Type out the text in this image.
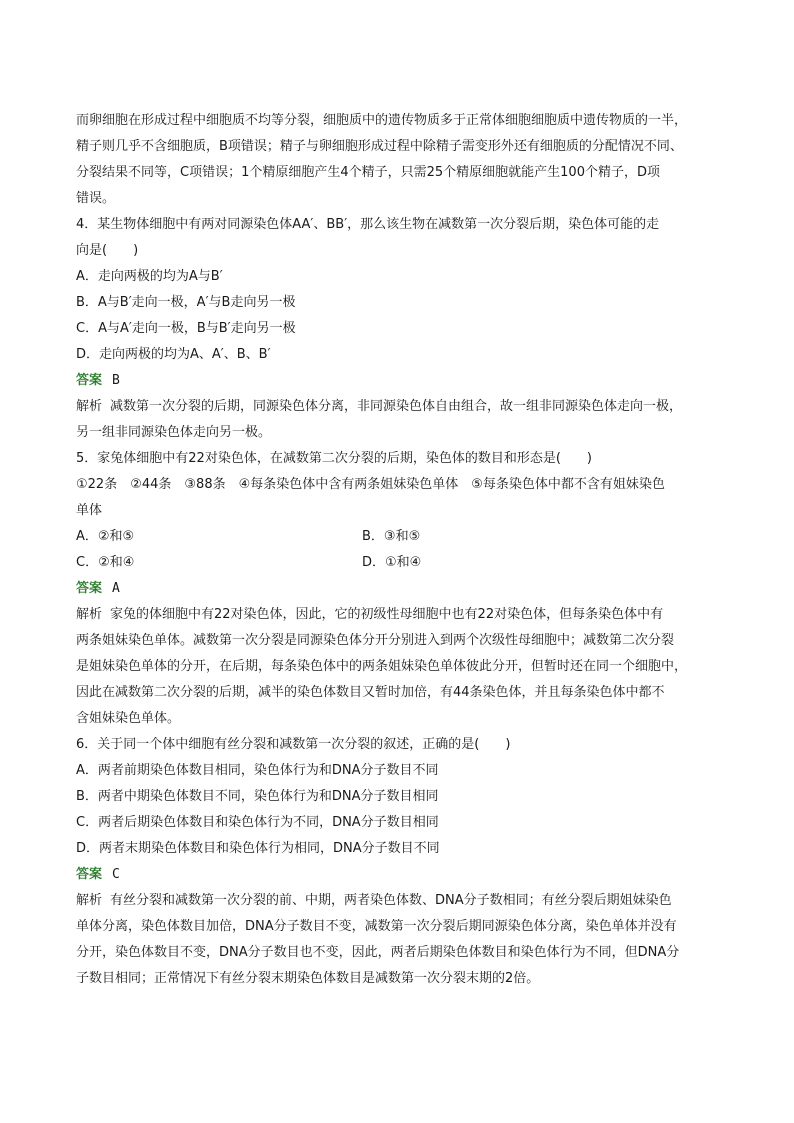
而卵细胞在形成过程中细胞质不均等分裂，细胞质中的遗传物质多于正常体细胞细胞质中遗传物质的一半，
精子则几乎不含细胞质，B项错误；精子与卵细胞形成过程中除精子需变形外还有细胞质的分配情况不同、
分裂结果不同等，C项错误；1个精原细胞产生4个精子，只需25个精原细胞就能产生100个精子，D项
错误。
4．某生物体细胞中有两对同源染色体AA′、BB′，那么该生物在减数第一次分裂后期，染色体可能的走
向是(　　)
A．走向两极的均为A与B′
B．A与B′走向一极，A′与B走向另一极
C．A与A′走向一极，B与B′走向另一极
D．走向两极的均为A、A′、B、B′
答案 B
解析 减数第一次分裂的后期，同源染色体分离，非同源染色体自由组合，故一组非同源染色体走向一极，
另一组非同源染色体走向另一极。
5．家兔体细胞中有22对染色体，在减数第二次分裂的后期，染色体的数目和形态是(　　)
①22条　②44条　③88条　④每条染色体中含有两条姐妹染色单体　⑤每条染色体中都不含有姐妹染色
单体
A．②和⑤	B．③和⑤
C．②和④	D．①和④
答案 A
解析 家兔的体细胞中有22对染色体，因此，它的初级性母细胞中也有22对染色体，但每条染色体中有
两条姐妹染色单体。减数第一次分裂是同源染色体分开分别进入到两个次级性母细胞中；减数第二次分裂
是姐妹染色单体的分开，在后期，每条染色体中的两条姐妹染色单体彼此分开，但暂时还在同一个细胞中，
因此在减数第二次分裂的后期，减半的染色体数目又暂时加倍，有44条染色体，并且每条染色体中都不
含姐妹染色单体。
6．关于同一个体中细胞有丝分裂和减数第一次分裂的叙述，正确的是(　　)
A．两者前期染色体数目相同，染色体行为和DNA分子数目不同
B．两者中期染色体数目不同，染色体行为和DNA分子数目相同
C．两者后期染色体数目和染色体行为不同，DNA分子数目相同
D．两者末期染色体数目和染色体行为相同，DNA分子数目不同
答案 C
解析 有丝分裂和减数第一次分裂的前、中期，两者染色体数、DNA分子数相同；有丝分裂后期姐妹染色
单体分离，染色体数目加倍，DNA分子数目不变，减数第一次分裂后期同源染色体分离，染色单体并没有
分开，染色体数目不变，DNA分子数目也不变，因此，两者后期染色体数目和染色体行为不同，但DNA分
子数目相同；正常情况下有丝分裂末期染色体数目是减数第一次分裂末期的2倍。
